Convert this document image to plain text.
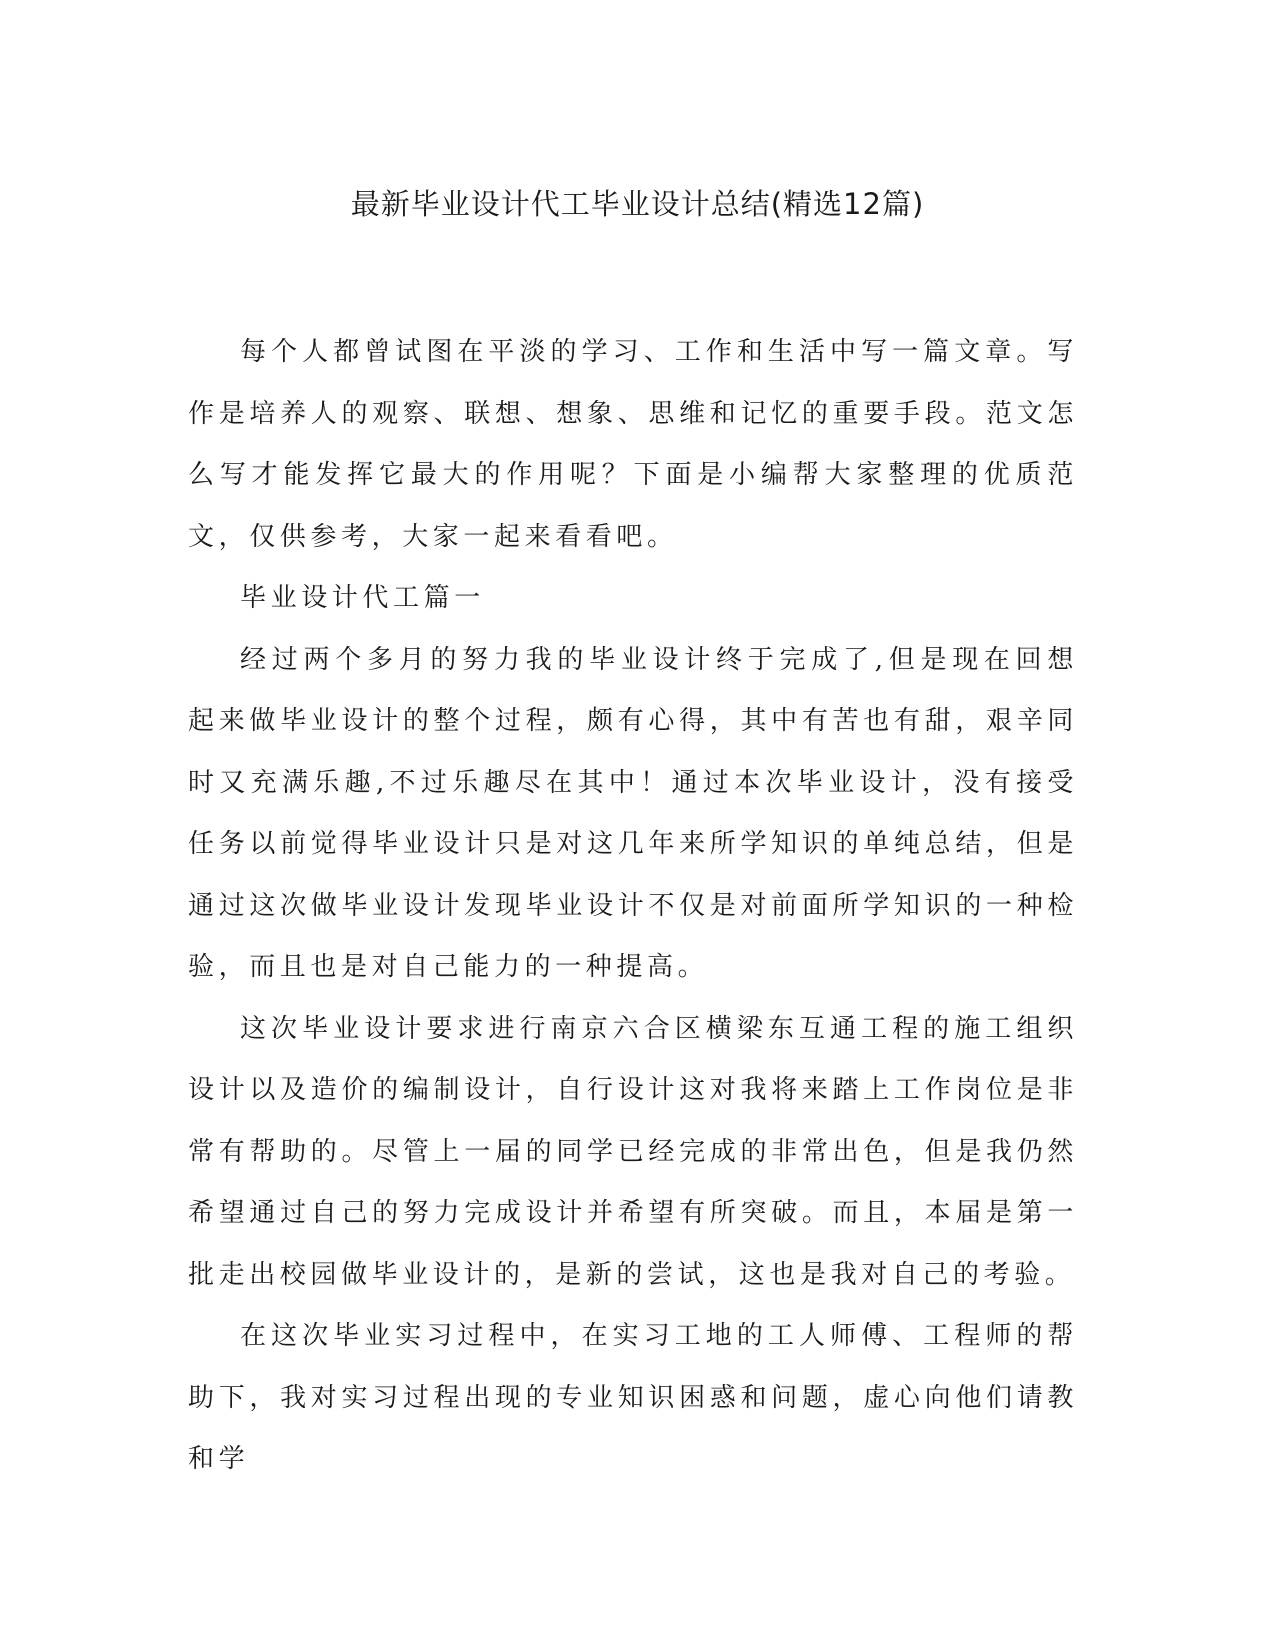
最新毕业设计代工毕业设计总结(精选12篇)

每个人都曾试图在平淡的学习、工作和生活中写一篇文章。写作是培养人的观察、联想、想象、思维和记忆的重要手段。范文怎么写才能发挥它最大的作用呢？下面是小编帮大家整理的优质范文，仅供参考，大家一起来看看吧。

毕业设计代工篇一

经过两个多月的努力我的毕业设计终于完成了,但是现在回想起来做毕业设计的整个过程，颇有心得，其中有苦也有甜，艰辛同时又充满乐趣,不过乐趣尽在其中！通过本次毕业设计，没有接受任务以前觉得毕业设计只是对这几年来所学知识的单纯总结，但是通过这次做毕业设计发现毕业设计不仅是对前面所学知识的一种检验，而且也是对自己能力的一种提高。

这次毕业设计要求进行南京六合区横梁东互通工程的施工组织设计以及造价的编制设计，自行设计这对我将来踏上工作岗位是非常有帮助的。尽管上一届的同学已经完成的非常出色，但是我仍然希望通过自己的努力完成设计并希望有所突破。而且，本届是第一批走出校园做毕业设计的，是新的尝试，这也是我对自己的考验。

在这次毕业实习过程中，在实习工地的工人师傅、工程师的帮助下，我对实习过程出现的专业知识困惑和问题，虚心向他们请教和学
